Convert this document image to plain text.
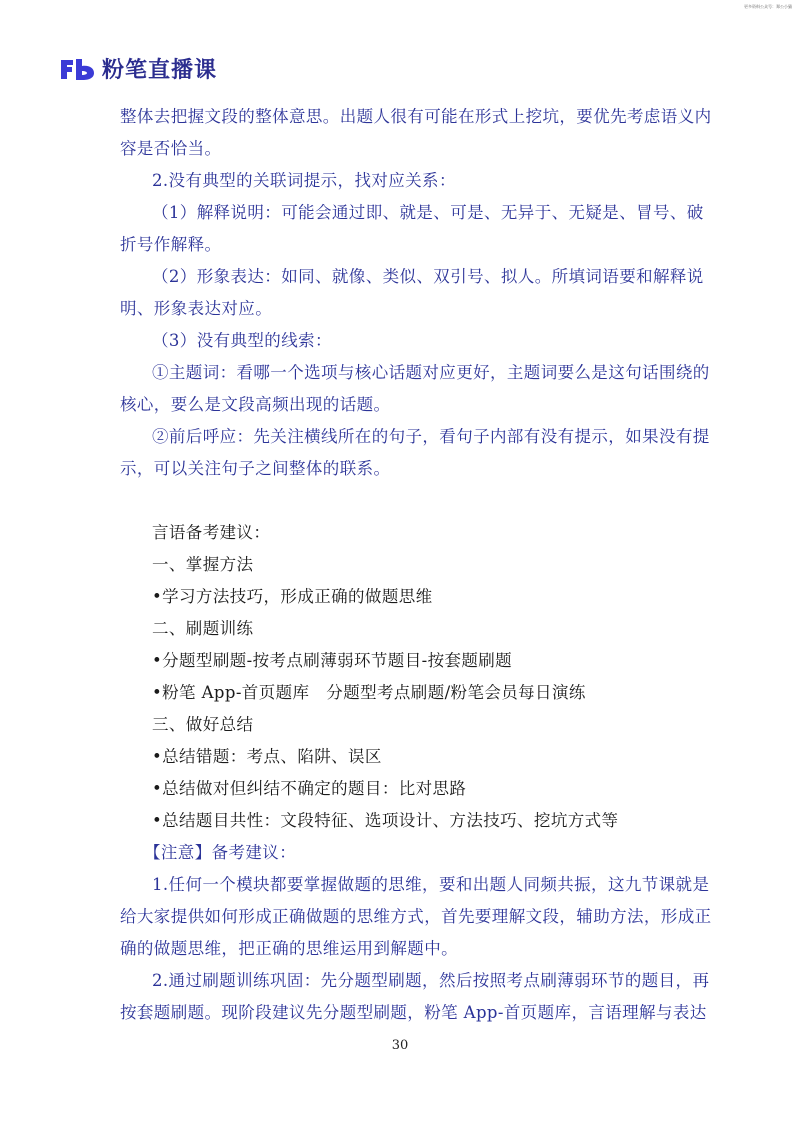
更多资料公众号：郑公小猫
粉笔直播课
整体去把握文段的整体意思。出题人很有可能在形式上挖坑，要优先考虑语义内
容是否恰当。
2.没有典型的关联词提示，找对应关系：
（1）解释说明：可能会通过即、就是、可是、无异于、无疑是、冒号、破
折号作解释。
（2）形象表达：如同、就像、类似、双引号、拟人。所填词语要和解释说
明、形象表达对应。
（3）没有典型的线索：
①主题词：看哪一个选项与核心话题对应更好，主题词要么是这句话围绕的
核心，要么是文段高频出现的话题。
②前后呼应：先关注横线所在的句子，看句子内部有没有提示，如果没有提
示，可以关注句子之间整体的联系。
言语备考建议：
一、掌握方法
•学习方法技巧，形成正确的做题思维
二、刷题训练
•分题型刷题-按考点刷薄弱环节题目-按套题刷题
•粉笔 App-首页题库　分题型考点刷题/粉笔会员每日演练
三、做好总结
•总结错题：考点、陷阱、误区
•总结做对但纠结不确定的题目：比对思路
•总结题目共性：文段特征、选项设计、方法技巧、挖坑方式等
【注意】备考建议：
1.任何一个模块都要掌握做题的思维，要和出题人同频共振，这九节课就是
给大家提供如何形成正确做题的思维方式，首先要理解文段，辅助方法，形成正
确的做题思维，把正确的思维运用到解题中。
2.通过刷题训练巩固：先分题型刷题，然后按照考点刷薄弱环节的题目，再
按套题刷题。现阶段建议先分题型刷题，粉笔 App-首页题库，言语理解与表达
30
